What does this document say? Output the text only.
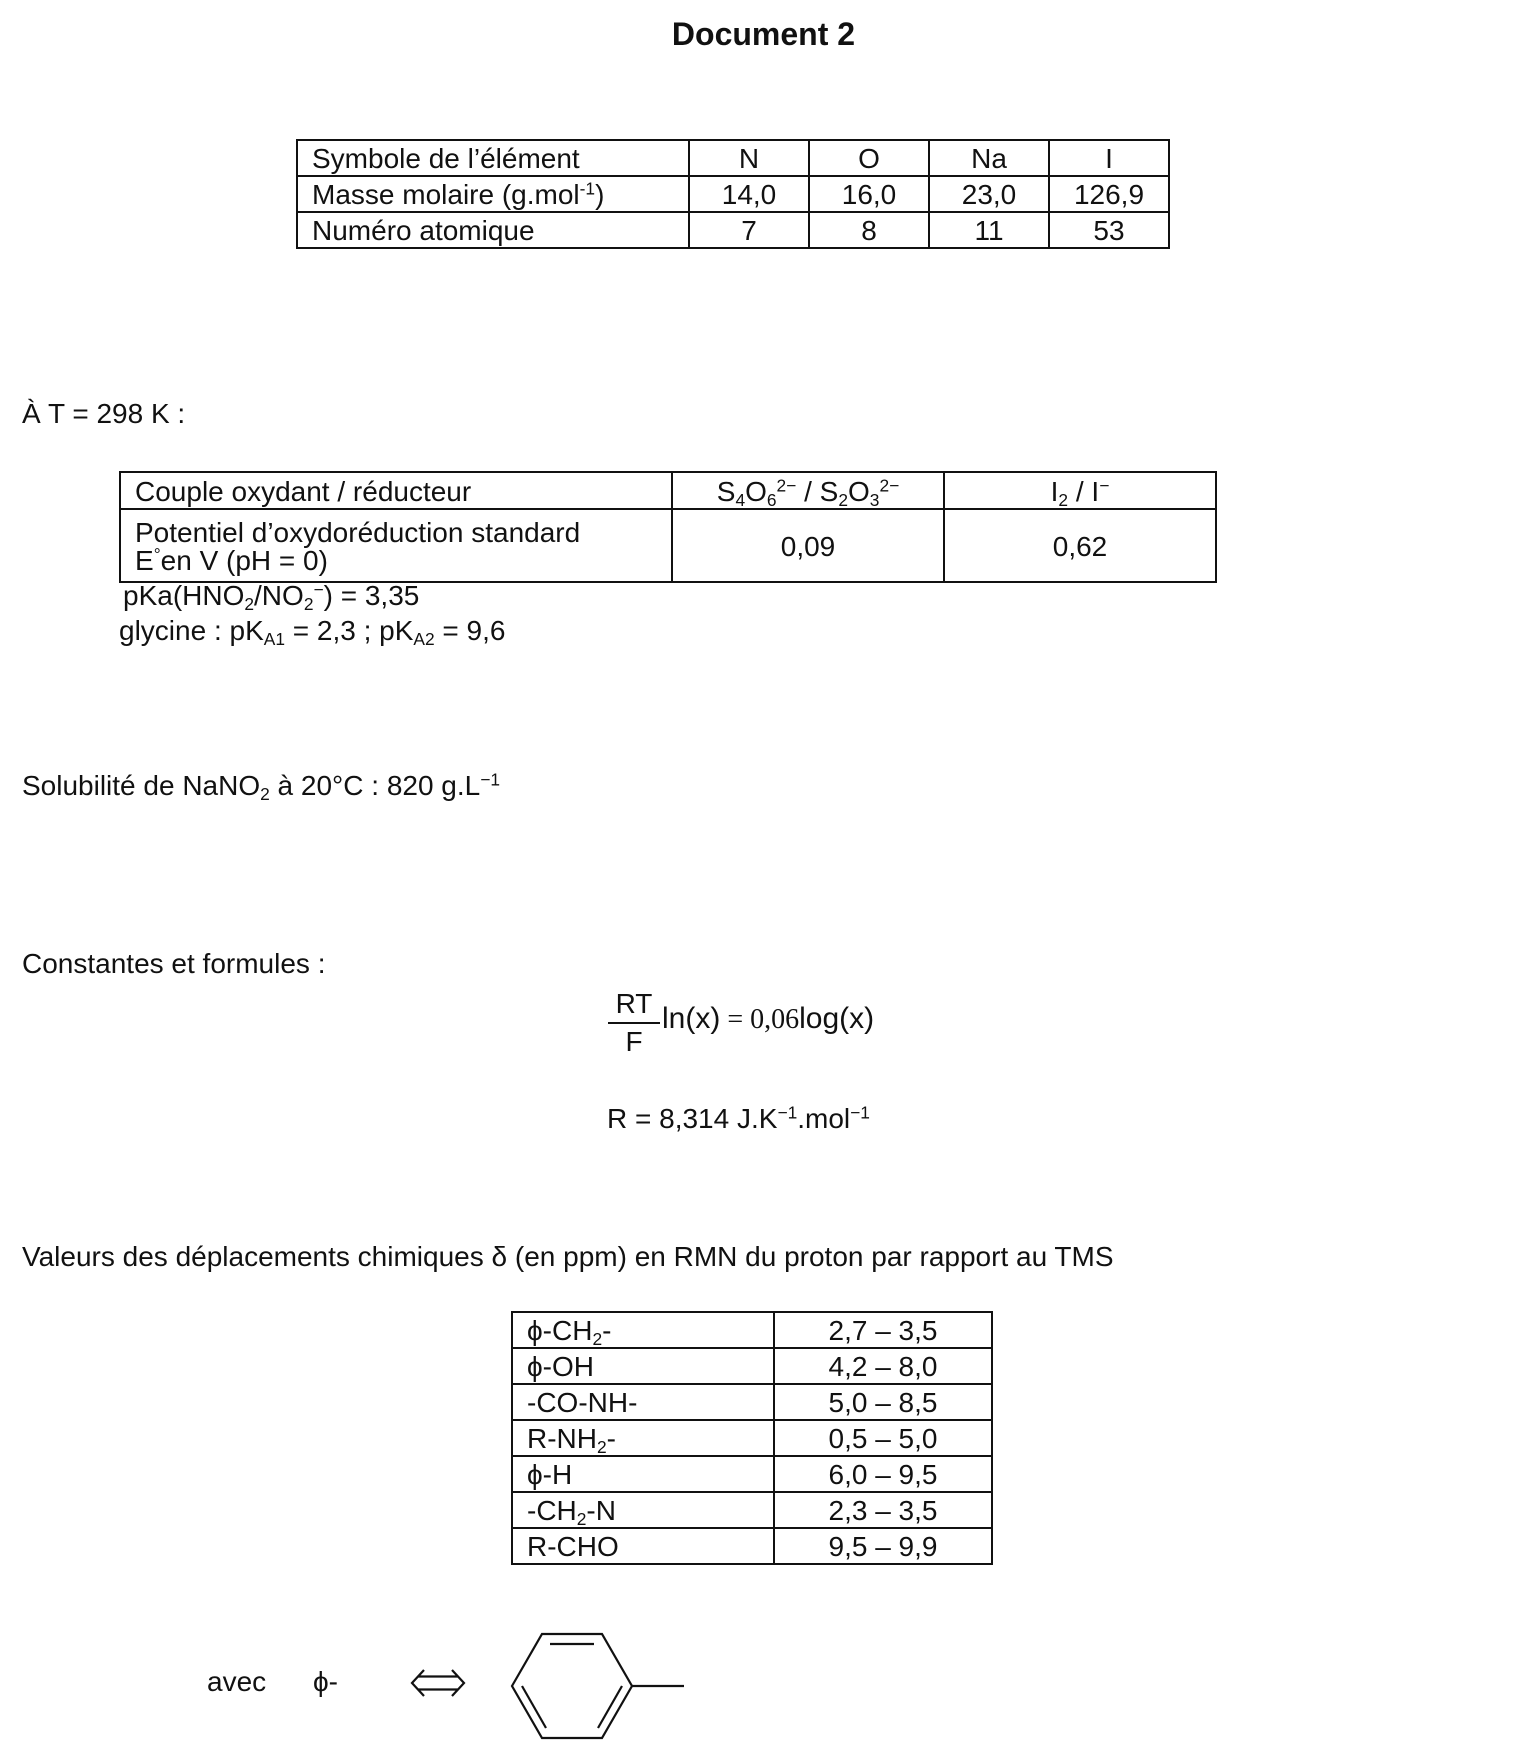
Document 2
Symbole de l’élément	N	O	Na	I
Masse molaire (g.mol$^{-1}$)	14,0	16,0	23,0	126,9
Numéro atomique	7	8	11	53
À T = 298 K :
Couple oxydant / réducteur	$S_4O_6^{2-} / S_2O_3^{2-}$	$I_2 / I^-$

Potentiel d’oxydoréduction standard
E°en V (pH = 0)	0,09	0,62
$pKa(HNO_2/NO_2^-) = 3,35$
glycine : $pK_{A1} = 2,3$ ; $pK_{A2} = 9,6$
Solubilité de NaNO$_2$ à 20°C : 820 $g.L^{-1}$
Constantes et formules :
$\frac{RT}{F} \ln(x) = 0,06\log(x)$
R = 8,314 $J.K^{-1}.mol^{-1}$
Valeurs des déplacements chimiques δ (en ppm) en RMN du proton par rapport au TMS
$\phi-CH_2-$	2,7 – 3,5
ϕ-OH	4,2 – 8,0
-CO-NH-	5,0 – 8,5
$R-NH_2-$	0,5 – 5,0
ϕ-H	6,0 – 9,5
$-CH_2-N$	2,3 – 3,5
R-CHO	9,5 – 9,9
avec ϕ-
